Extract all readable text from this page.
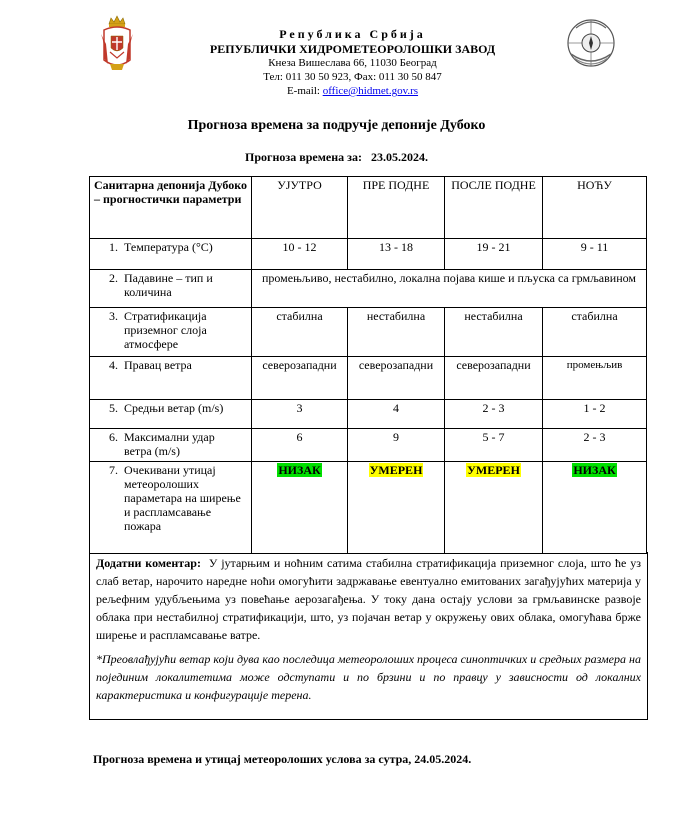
Република Србија
РЕПУБЛИЧКИ ХИДРОМЕТЕОРОЛОШКИ ЗАВОД
Кнеза Вишеслава 66, 11030 Београд
Тел: 011 30 50 923, Фах: 011 30 50 847
E-mail: office@hidmet.gov.rs
Прогноза времена за подручје депоније Дубоко
Прогноза времена за: 23.05.2024.
Санитарна депонија Дубоко – прогностички параметри	УЈУТРО	ПРЕ ПОДНЕ	ПОСЛЕ ПОДНЕ	НОЋУ
1. Температура (°C)	10 - 12	13 - 18	19 - 21	9 - 11
2. Падавине – тип и количина	промењљиво, нестабилно, локална појава кише и пљуска са грмљавином			
3. Стратификација приземног слоја атмосфере	стабилна	нестабилна	нестабилна	стабилна
4. Правац ветра	северозападни	северозападни	северозападни	промењљив
5. Средњи ветар (m/s)	3	4	2 - 3	1 - 2
6. Максимални удар ветра (m/s)	6	9	5 - 7	2 - 3
7. Очекивани утицај метеоролоших параметара на ширење и распламсавање пожара	НИЗАК	УМЕРЕН	УМЕРЕН	НИЗАК
Додатни коментар: У јутарњим и ноћним сатима стабилна стратификација приземног слоја, што ће уз слаб ветар, нарочито наредне ноћи омогућити задржавање евентуално емитованих загађујућих материја у рељефним удубљењима уз повећање аерозагађења. У току дана остају услови за грмљавинске развоје облака при нестабилној стратификацији, што, уз појачан ветар у окружењу ових облака, омогућава брже ширење и распламсавање ватре.
*Преовлађујући ветар који дува као последица метеоролоших процеса синоптичких и средњих размера на појединим локалитетима може одступати и по брзини и по правцу у зависности од локалних карактеристика и конфигурације терена.
Прогноза времена и утицај метеоролоших услова за сутра, 24.05.2024.
